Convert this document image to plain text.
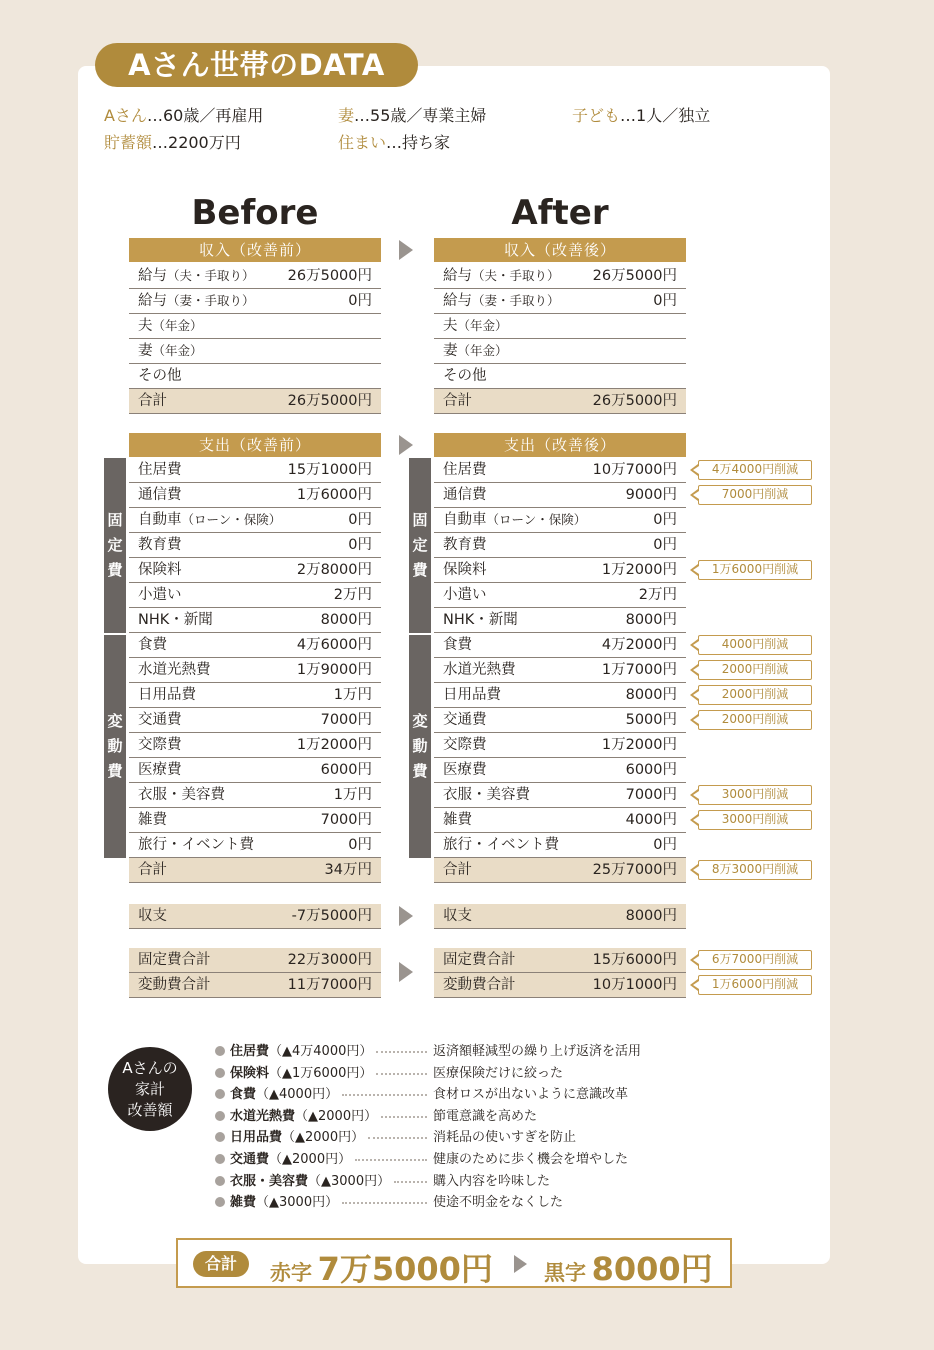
Aさん世帯のDATA
Aさん…60歳／再雇用	妻…55歳／専業主婦	子ども…1人／独立
貯蓄額…2200万円	住まい…持ち家
Before	After
収入（改善前）
給与（夫・手取り） 26万5000円
給与（妻・手取り）	0円
夫（年金）
妻（年金）
その他
合計	26万5000円
支出（改善前）
住居費	15万1000円
通信費	1万6000円
自動車（ローン・保険）	0円
教育費	0円
保険料	2万8000円
小遣い	2万円
NHK・新聞	8000円
食費	4万6000円
水道光熱費	1万9000円
日用品費	1万円
交通費	7000円
交際費	1万2000円
医療費	6000円
衣服・美容費	1万円
雑費	7000円
旅行・イベント費	0円
合計	34万円
固
定
費
変
動
費
収支	-7万5000円
固定費合計	22万3000円
変動費合計	11万7000円
収入（改善後）
給与（夫・手取り） 26万5000円
給与（妻・手取り）	0円
夫（年金）
妻（年金）
その他
合計	26万5000円
支出（改善後）
住居費	10万7000円	4万4000円削減
通信費	9000円	7000円削減
自動車（ローン・保険）	0円
教育費	0円
保険料	1万2000円	1万6000円削減
小遣い	2万円
NHK・新聞	8000円
食費	4万2000円	4000円削減
水道光熱費	1万7000円	2000円削減
日用品費	8000円	2000円削減
交通費	5000円	2000円削減
交際費	1万2000円
医療費	6000円
衣服・美容費	7000円	3000円削減
雑費	4000円	3000円削減
旅行・イベント費	0円
合計	25万7000円	8万3000円削減
固
定
費
変
動
費
収支	8000円
固定費合計	15万6000円	6万7000円削減
変動費合計	10万1000円	1万6000円削減
Aさんの
家計
改善額
住居費（▲4万4000円）	返済額軽減型の繰り上げ返済を活用
保険料（▲1万6000円）	医療保険だけに絞った
食費（▲4000円）	食材ロスが出ないように意識改革
水道光熱費（▲2000円）	節電意識を高めた
日用品費（▲2000円）	消耗品の使いすぎを防止
交通費（▲2000円）	健康のために歩く機会を増やした
衣服・美容費（▲3000円）	購入内容を吟味した
雑費（▲3000円）	使途不明金をなくした
合計	赤字 7万5000円 黒字 8000円
